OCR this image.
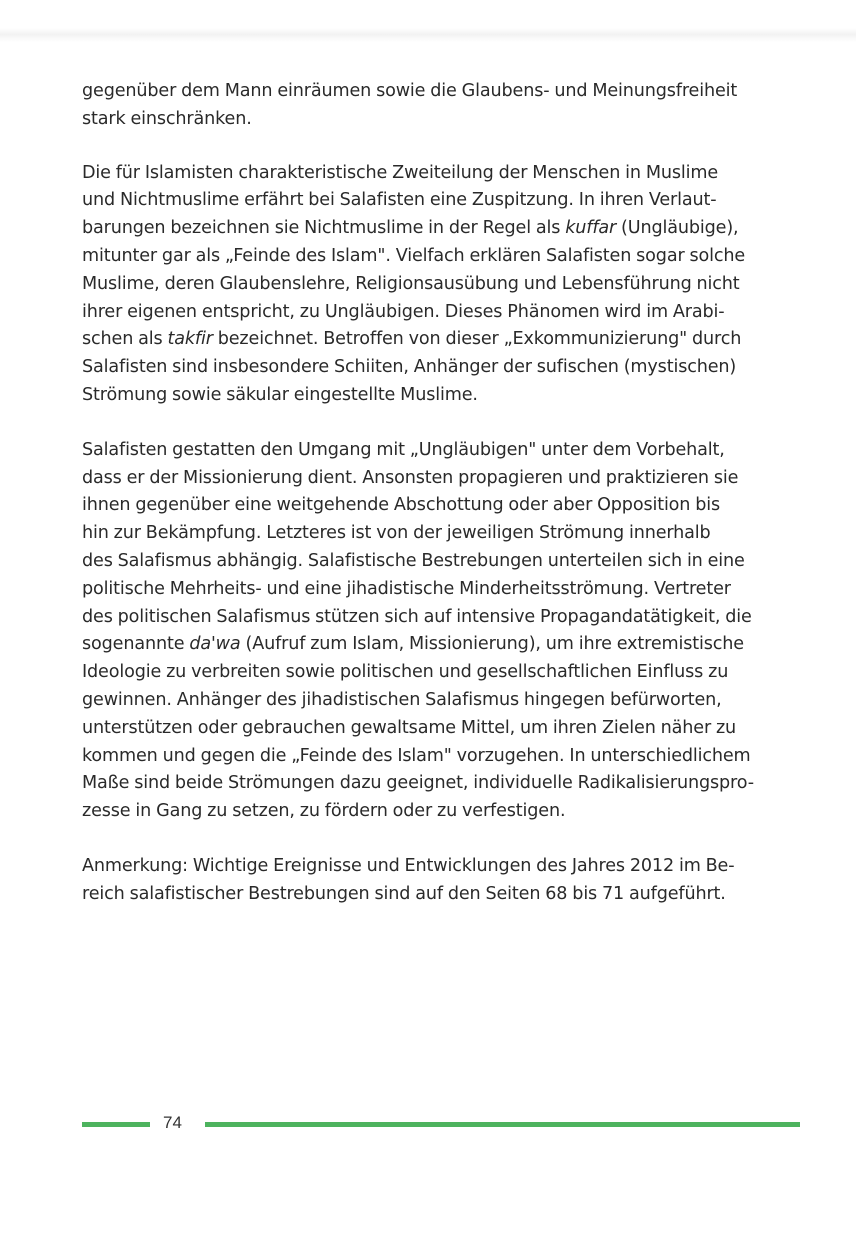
gegenüber dem Mann einräumen sowie die Glaubens- und Meinungsfreiheit
stark einschränken.

Die für Islamisten charakteristische Zweiteilung der Menschen in Muslime
und Nichtmuslime erfährt bei Salafisten eine Zuspitzung. In ihren Verlaut-
barungen bezeichnen sie Nichtmuslime in der Regel als kuffar (Ungläubige),
mitunter gar als „Feinde des Islam". Vielfach erklären Salafisten sogar solche
Muslime, deren Glaubenslehre, Religionsausübung und Lebensführung nicht
ihrer eigenen entspricht, zu Ungläubigen. Dieses Phänomen wird im Arabi-
schen als takfir bezeichnet. Betroffen von dieser „Exkommunizierung" durch
Salafisten sind insbesondere Schiiten, Anhänger der sufischen (mystischen)
Strömung sowie säkular eingestellte Muslime.

Salafisten gestatten den Umgang mit „Ungläubigen" unter dem Vorbehalt,
dass er der Missionierung dient. Ansonsten propagieren und praktizieren sie
ihnen gegenüber eine weitgehende Abschottung oder aber Opposition bis
hin zur Bekämpfung. Letzteres ist von der jeweiligen Strömung innerhalb
des Salafismus abhängig. Salafistische Bestrebungen unterteilen sich in eine
politische Mehrheits- und eine jihadistische Minderheitsströmung. Vertreter
des politischen Salafismus stützen sich auf intensive Propagandatätigkeit, die
sogenannte da'wa (Aufruf zum Islam, Missionierung), um ihre extremistische
Ideologie zu verbreiten sowie politischen und gesellschaftlichen Einfluss zu
gewinnen. Anhänger des jihadistischen Salafismus hingegen befürworten,
unterstützen oder gebrauchen gewaltsame Mittel, um ihren Zielen näher zu
kommen und gegen die „Feinde des Islam" vorzugehen. In unterschiedlichem
Maße sind beide Strömungen dazu geeignet, individuelle Radikalisierungspro-
zesse in Gang zu setzen, zu fördern oder zu verfestigen.

Anmerkung: Wichtige Ereignisse und Entwicklungen des Jahres 2012 im Be-
reich salafistischer Bestrebungen sind auf den Seiten 68 bis 71 aufgeführt.

74
